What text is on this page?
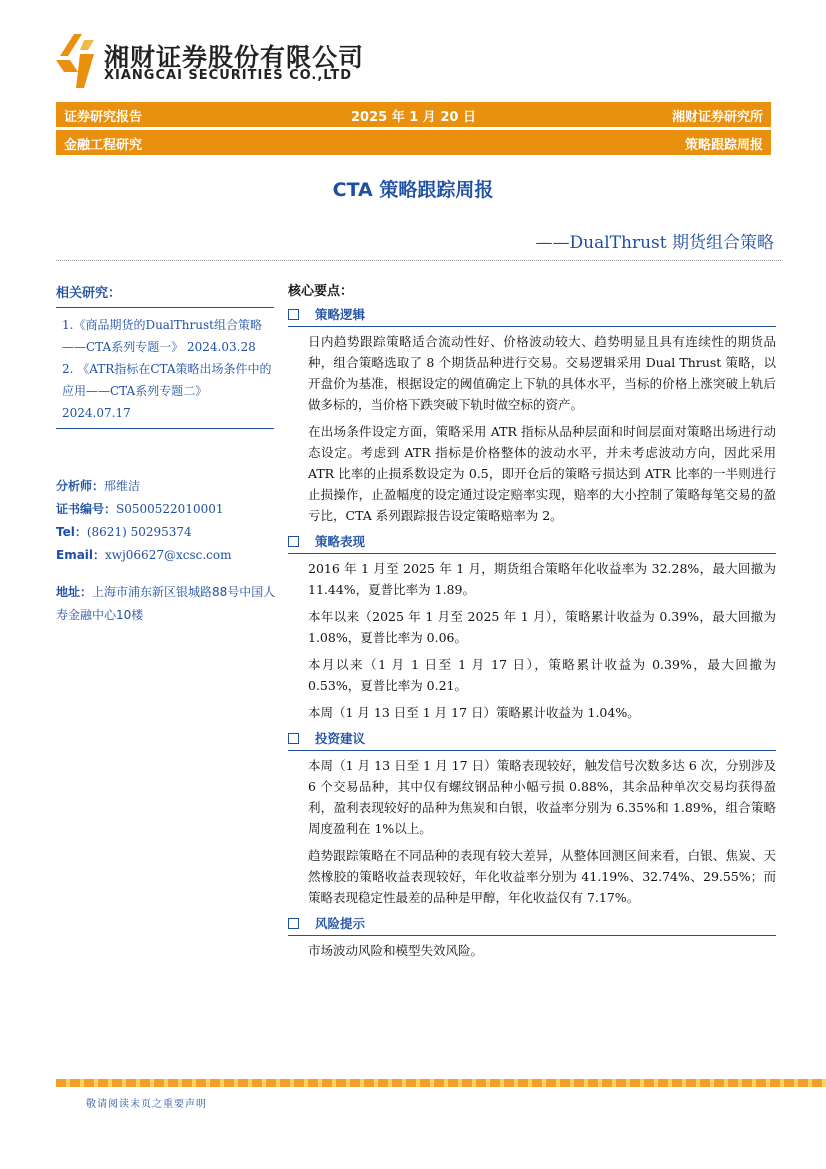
湘财证券股份有限公司
XIANGCAI SECURITIES CO.,LTD
证券研究报告	2025 年 1 月 20 日	湘财证券研究所
金融工程研究	策略跟踪周报
CTA 策略跟踪周报
——DualThrust 期货组合策略
相关研究：

1.《商品期货的DualThrust组合策略——CTA系列专题一》 2024.03.28

2. 《ATR指标在CTA策略出场条件中的应用——CTA系列专题二》 2024.07.17

分析师：邢维洁
证书编号：S0500522010001
Tel：(8621) 50295374
Email：xwj06627@xcsc.com
地址：上海市浦东新区银城路88号中国人寿金融中心10楼
核心要点：
策略逻辑

日内趋势跟踪策略适合流动性好、价格波动较大、趋势明显且具有连续性的期货品种，组合策略选取了 8 个期货品种进行交易。交易逻辑采用 Dual Thrust 策略，以开盘价为基准，根据设定的阈值确定上下轨的具体水平，当标的价格上涨突破上轨后做多标的，当价格下跌突破下轨时做空标的资产。

在出场条件设定方面，策略采用 ATR 指标从品种层面和时间层面对策略出场进行动态设定。考虑到 ATR 指标是价格整体的波动水平，并未考虑波动方向，因此采用 ATR 比率的止损系数设定为 0.5，即开仓后的策略亏损达到 ATR 比率的一半则进行止损操作，止盈幅度的设定通过设定赔率实现，赔率的大小控制了策略每笔交易的盈亏比，CTA 系列跟踪报告设定策略赔率为 2。

策略表现

2016 年 1 月至 2025 年 1 月，期货组合策略年化收益率为 32.28%，最大回撤为 11.44%，夏普比率为 1.89。

本年以来（2025 年 1 月至 2025 年 1 月），策略累计收益为 0.39%，最大回撤为 1.08%，夏普比率为 0.06。

本月以来（1 月 1 日至 1 月 17 日），策略累计收益为 0.39%，最大回撤为 0.53%，夏普比率为 0.21。

本周（1 月 13 日至 1 月 17 日）策略累计收益为 1.04%。

投资建议

本周（1 月 13 日至 1 月 17 日）策略表现较好，触发信号次数多达 6 次，分别涉及 6 个交易品种，其中仅有螺纹钢品种小幅亏损 0.88%，其余品种单次交易均获得盈利，盈利表现较好的品种为焦炭和白银，收益率分别为 6.35%和 1.89%，组合策略周度盈利在 1%以上。

趋势跟踪策略在不同品种的表现有较大差异，从整体回测区间来看，白银、焦炭、天然橡胶的策略收益表现较好，年化收益率分别为 41.19%、32.74%、29.55%；而策略表现稳定性最差的品种是甲醇，年化收益仅有 7.17%。

风险提示

市场波动风险和模型失效风险。

敬请阅读末页之重要声明
